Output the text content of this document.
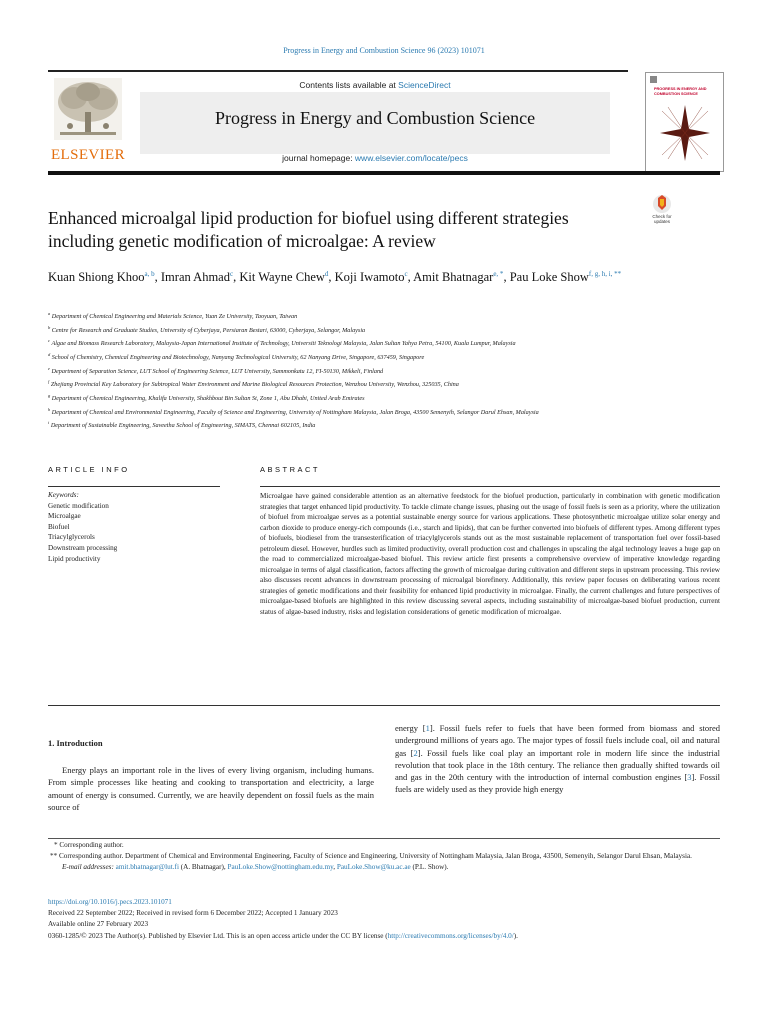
Progress in Energy and Combustion Science 96 (2023) 101071
ELSEVIER
Contents lists available at ScienceDirect
Progress in Energy and Combustion Science
journal homepage: www.elsevier.com/locate/pecs
PROGRESS IN ENERGY AND COMBUSTION SCIENCE
Enhanced microalgal lipid production for biofuel using different strategies including genetic modification of microalgae: A review
Check for updates
Kuan Shiong Khoo$^{a, b}$, Imran Ahmad$^c$, Kit Wayne Chew$^d$, Koji Iwamoto$^c$, Amit Bhatnagar$^{e, *}$, Pau Loke Show$^{f, g, h, i, **}$
$^a$ Department of Chemical Engineering and Materials Science, Yuan Ze University, Taoyuan, Taiwan
$^b$ Centre for Research and Graduate Studies, University of Cyberjaya, Persiaran Bestari, 63000, Cyberjaya, Selangor, Malaysia
$^c$ Algae and Biomass Research Laboratory, Malaysia-Japan International Institute of Technology, Universiti Teknologi Malaysia, Jalan Sultan Yahya Petra, 54100, Kuala Lumpur, Malaysia
$^d$ School of Chemistry, Chemical Engineering and Biotechnology, Nanyang Technological University, 62 Nanyang Drive, Singapore, 637459, Singapore
$^e$ Department of Separation Science, LUT School of Engineering Science, LUT University, Sammonkatu 12, FI-50130, Mikkeli, Finland
$^f$ Zhejiang Provincial Key Laboratory for Subtropical Water Environment and Marine Biological Resources Protection, Wenzhou University, Wenzhou, 325035, China
$^g$ Department of Chemical Engineering, Khalifa University, Shakhbout Bin Sultan St, Zone 1, Abu Dhabi, United Arab Emirates
$^h$ Department of Chemical and Environmental Engineering, Faculty of Science and Engineering, University of Nottingham Malaysia, Jalan Broga, 43500 Semenyih, Selangor Darul Ehsan, Malaysia
$^i$ Department of Sustainable Engineering, Saveetha School of Engineering, SIMATS, Chennai 602105, India
ARTICLE INFO	ABSTRACT
Keywords:
Genetic modification
Microalgae
Biofuel
Triacylglycerols
Downstream processing
Lipid productivity
Microalgae have gained considerable attention as an alternative feedstock for the biofuel production, particularly in combination with genetic modification strategies that target enhanced lipid productivity. To tackle climate change issues, phasing out the usage of fossil fuels is seen as a priority, where the utilization of biofuel from microalgae serves as a potential sustainable energy source for various applications. These photosynthetic microalgae utilize solar energy and carbon dioxide to produce energy-rich compounds (i.e., starch and lipids), that can be further converted into biofuels of different types. Among different types of biofuels, biodiesel from the transesterification of triacylglycerols stands out as the most sustainable replacement of transportation fuel over fossil-based petroleum diesel. However, hurdles such as limited productivity, overall production cost and challenges in upscaling the algal technology leaves a huge gap on the road to commercialized microalgae-based biofuel. This review article first presents a comprehensive overview of imperative knowledge regarding microalgae in terms of algal classification, factors affecting the growth of microalgae during cultivation and different steps in upstream processing. This review also discusses recent advances in downstream processing of microalgal biorefinery. Additionally, this review paper focuses on deliberating various recent strategies of genetic modifications and their feasibility for enhanced lipid productivity in microalgae. Finally, the current challenges and future perspectives of microalgae-based biofuels are highlighted in this review discussing several aspects, including sustainability of microalgae-based biofuel production, current status of algae-based industry, risks and legislation considerations of genetic modification of microalgae.
1. Introduction
Energy plays an important role in the lives of every living organism, including humans. From simple processes like heating and cooking to transportation and electricity, a large amount of energy is consumed. Currently, we are heavily dependent on fossil fuels as the main source of
energy [1]. Fossil fuels refer to fuels that have been formed from biomass and stored underground millions of years ago. The major types of fossil fuels include coal, oil and natural gas [2]. Fossil fuels like coal play an important role in modern life since the industrial revolution that took place in the 18th century. The reliance then gradually shifted towards oil and gas in the 20th century with the introduction of internal combustion engines [3]. Fossil fuels are widely used as they provide high energy
* Corresponding author.
** Corresponding author. Department of Chemical and Environmental Engineering, Faculty of Science and Engineering, University of Nottingham Malaysia, Jalan Broga, 43500, Semenyih, Selangor Darul Ehsan, Malaysia.
E-mail addresses: amit.bhatnagar@lut.fi (A. Bhatnagar), PauLoke.Show@nottingham.edu.my, PauLoke.Show@ku.ac.ae (P.L. Show).
https://doi.org/10.1016/j.pecs.2023.101071
Received 22 September 2022; Received in revised form 6 December 2022; Accepted 1 January 2023
Available online 27 February 2023
0360-1285/© 2023 The Author(s). Published by Elsevier Ltd. This is an open access article under the CC BY license (http://creativecommons.org/licenses/by/4.0/).
